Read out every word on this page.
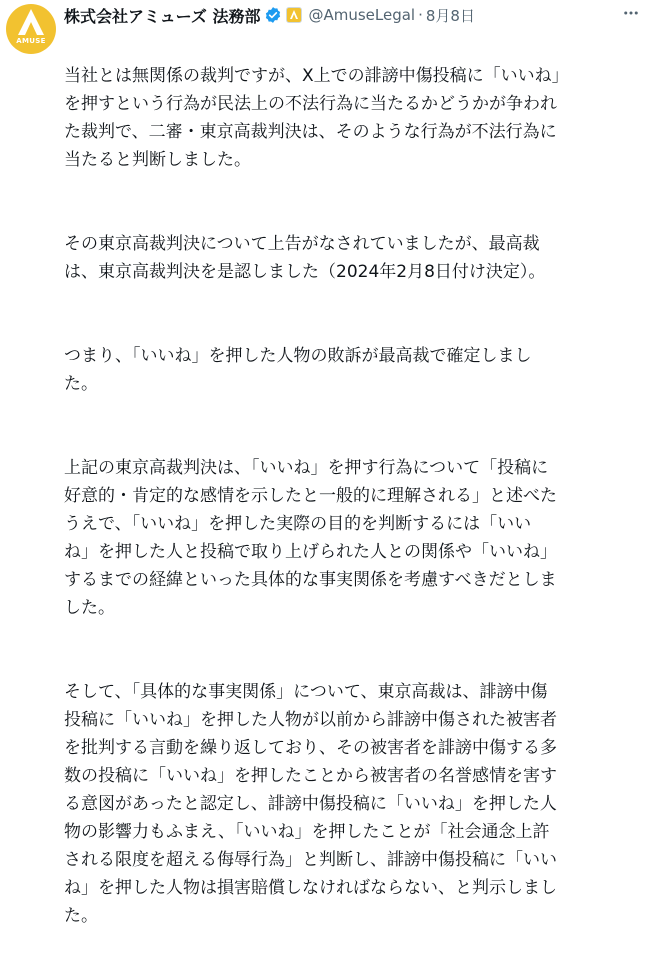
AMUSE
株式会社アミューズ 法務部	@AmuseLegal · 8月8日

当社とは無関係の裁判ですが、X上での誹謗中傷投稿に「いいね」
を押すという行為が民法上の不法行為に当たるかどうかが争われ
た裁判で、二審・東京高裁判決は、そのような行為が不法行為に
当たると判断しました。

その東京高裁判決について上告がなされていましたが、最高裁
は、東京高裁判決を是認しました（2024年2月8日付け決定）。

つまり、「いいね」を押した人物の敗訴が最高裁で確定しまし
た。

上記の東京高裁判決は、「いいね」を押す行為について「投稿に
好意的・肯定的な感情を示したと一般的に理解される」と述べた
うえで、「いいね」を押した実際の目的を判断するには「いい
ね」を押した人と投稿で取り上げられた人との関係や「いいね」
するまでの経緯といった具体的な事実関係を考慮すべきだとしま
した。

そして、「具体的な事実関係」について、東京高裁は、誹謗中傷
投稿に「いいね」を押した人物が以前から誹謗中傷された被害者
を批判する言動を繰り返しており、その被害者を誹謗中傷する多
数の投稿に「いいね」を押したことから被害者の名誉感情を害す
る意図があったと認定し、誹謗中傷投稿に「いいね」を押した人
物の影響力もふまえ、「いいね」を押したことが「社会通念上許
される限度を超える侮辱行為」と判断し、誹謗中傷投稿に「いい
ね」を押した人物は損害賠償しなければならない、と判示しまし
た。
